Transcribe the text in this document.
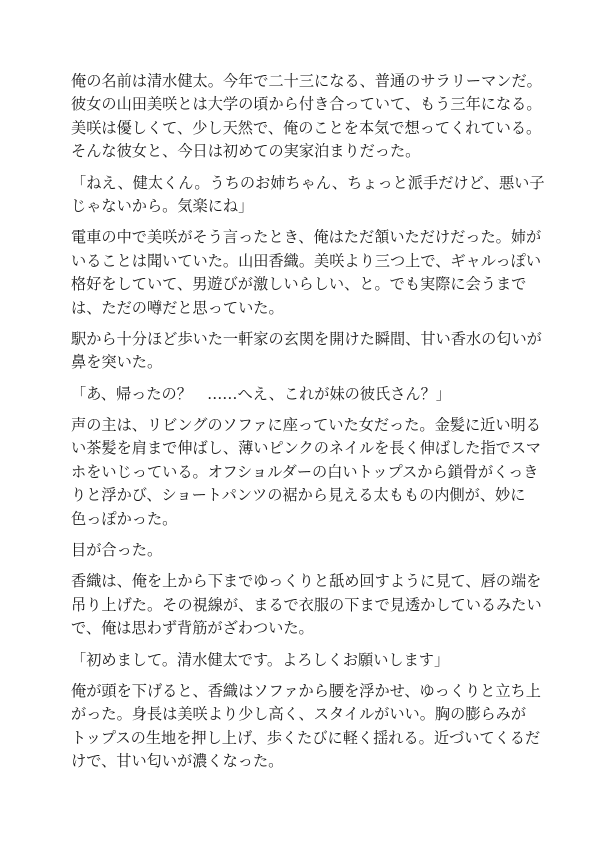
俺の名前は清水健太。今年で二十三になる、普通のサラリーマンだ。
彼女の山田美咲とは大学の頃から付き合っていて、もう三年になる。
美咲は優しくて、少し天然で、俺のことを本気で想ってくれている。
そんな彼女と、今日は初めての実家泊まりだった。
「ねえ、健太くん。うちのお姉ちゃん、ちょっと派手だけど、悪い子
じゃないから。気楽にね」
電車の中で美咲がそう言ったとき、俺はただ頷いただけだった。姉が
いることは聞いていた。山田香織。美咲より三つ上で、ギャルっぽい
格好をしていて、男遊びが激しいらしい、と。でも実際に会うまで
は、ただの噂だと思っていた。
駅から十分ほど歩いた一軒家の玄関を開けた瞬間、甘い香水の匂いが
鼻を突いた。
「あ、帰ったの？　……へえ、これが妹の彼氏さん？」
声の主は、リビングのソファに座っていた女だった。金髪に近い明る
い茶髪を肩まで伸ばし、薄いピンクのネイルを長く伸ばした指でスマ
ホをいじっている。オフショルダーの白いトップスから鎖骨がくっき
りと浮かび、ショートパンツの裾から見える太ももの内側が、妙に
色っぽかった。
目が合った。
香織は、俺を上から下までゆっくりと舐め回すように見て、唇の端を
吊り上げた。その視線が、まるで衣服の下まで見透かしているみたい
で、俺は思わず背筋がざわついた。
「初めまして。清水健太です。よろしくお願いします」
俺が頭を下げると、香織はソファから腰を浮かせ、ゆっくりと立ち上
がった。身長は美咲より少し高く、スタイルがいい。胸の膨らみが
トップスの生地を押し上げ、歩くたびに軽く揺れる。近づいてくるだ
けで、甘い匂いが濃くなった。
